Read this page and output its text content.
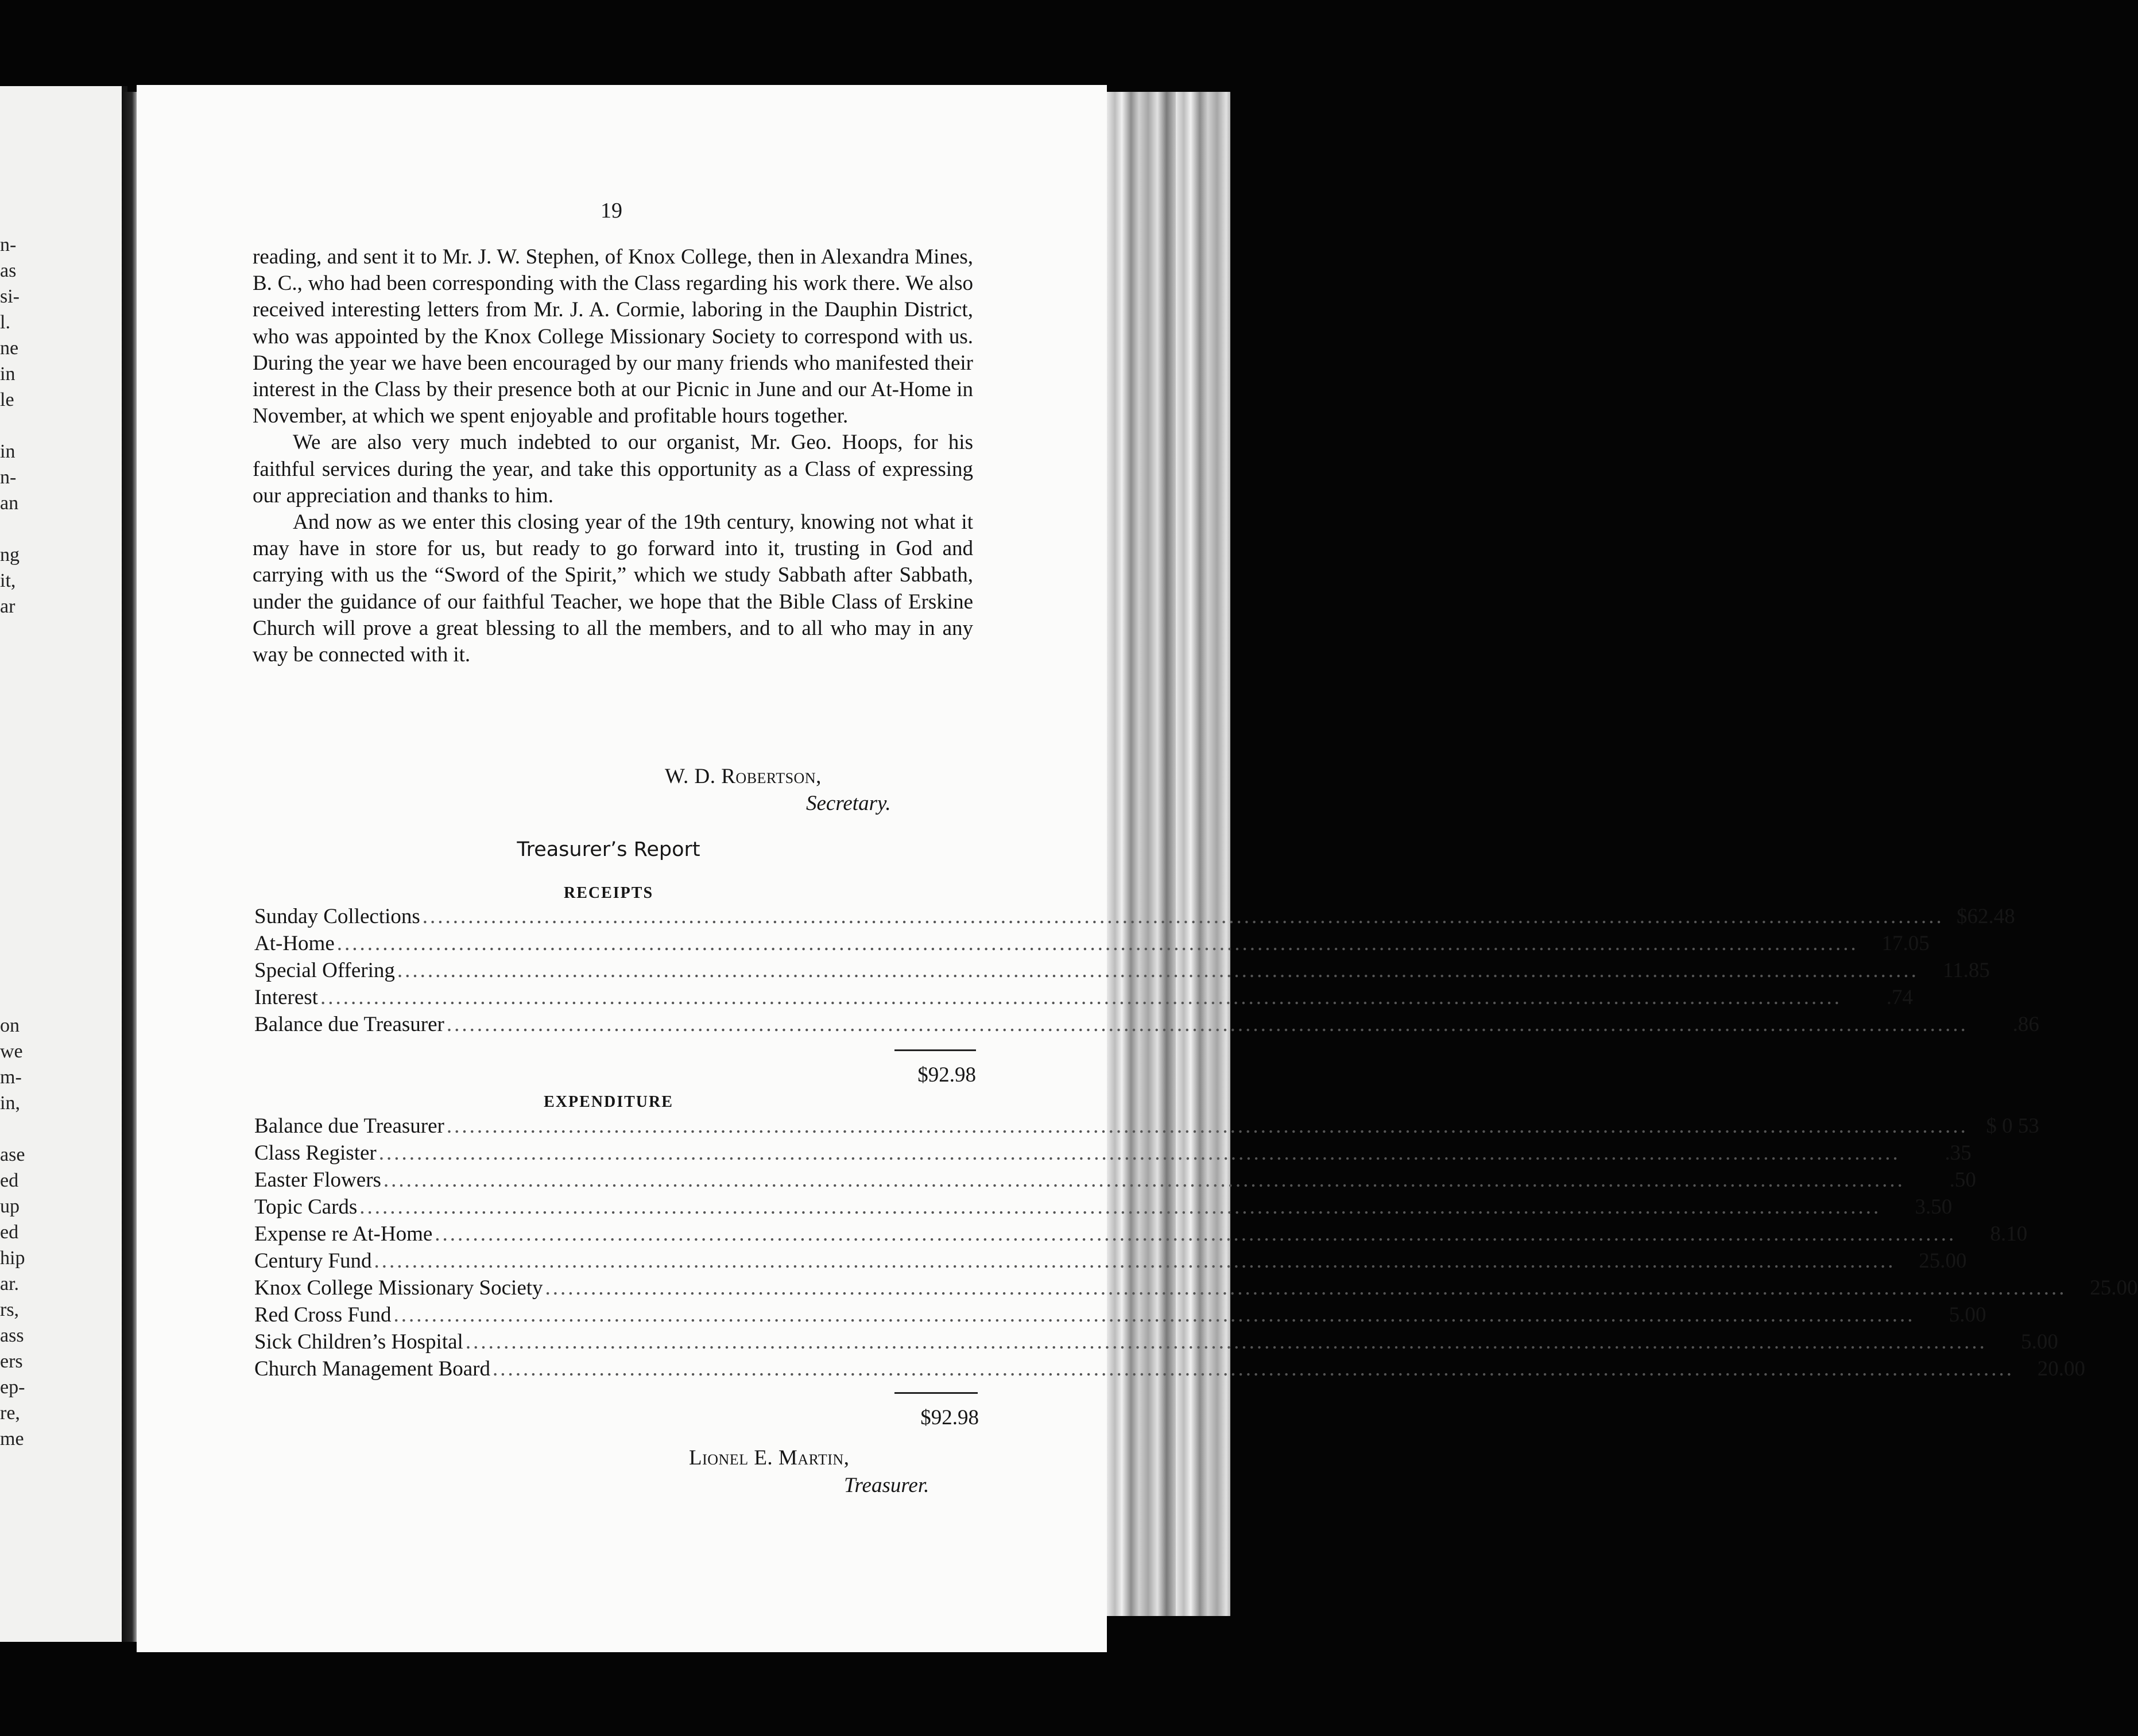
n-
as
si-
l.
ne
in
le
in
n-
an
ng
it,
ar
on
we
m-
in,
ase
ed
up
ed
hip
ar.
rs,
ass
ers
ep-
re,
me
19

reading, and sent it to Mr. J. W. Stephen, of Knox College, then in Alexandra Mines, B. C., who had been corresponding with the Class regarding his work there. We also received interesting letters from Mr. J. A. Cormie, laboring in the Dauphin District, who was appointed by the Knox College Missionary Society to correspond with us. During the year we have been encouraged by our many friends who manifested their interest in the Class by their presence both at our Picnic in June and our At-Home in November, at which we spent enjoyable and profitable hours together.

We are also very much indebted to our organist, Mr. Geo. Hoops, for his faithful services during the year, and take this opportunity as a Class of expressing our appreciation and thanks to him.

And now as we enter this closing year of the 19th century, knowing not what it may have in store for us, but ready to go forward into it, trusting in God and carrying with us the “Sword of the Spirit,” which we study Sabbath after Sabbath, under the guidance of our faithful Teacher, we hope that the Bible Class of Erskine Church will prove a great blessing to all the members, and to all who may in any way be connected with it.

W. D. Robertson,
Secretary.
Treasurer’s Report
RECEIPTS
Sunday Collections ........................................................................................................................................................................................................ $62.48
At-Home ........................................................................................................................................................................................................	17.05
Special Offering ........................................................................................................................................................................................................	11.85
Interest ........................................................................................................................................................................................................	.74
Balance due Treasurer ........................................................................................................................................................................................................	.86
$92.98
EXPENDITURE
Balance due Treasurer ........................................................................................................................................................................................................ $ 0 53
Class Register ........................................................................................................................................................................................................	.35
Easter Flowers ........................................................................................................................................................................................................	.50
Topic Cards ........................................................................................................................................................................................................	3.50
Expense re At-Home ........................................................................................................................................................................................................	8.10
Century Fund ........................................................................................................................................................................................................	25.00
Knox College Missionary Society ........................................................................................................................................................................................................	25.00
Red Cross Fund ........................................................................................................................................................................................................	5.00
Sick Children’s Hospital ........................................................................................................................................................................................................	5.00
Church Management Board ........................................................................................................................................................................................................	20.00
$92.98
Lionel E. Martin,
Treasurer.
